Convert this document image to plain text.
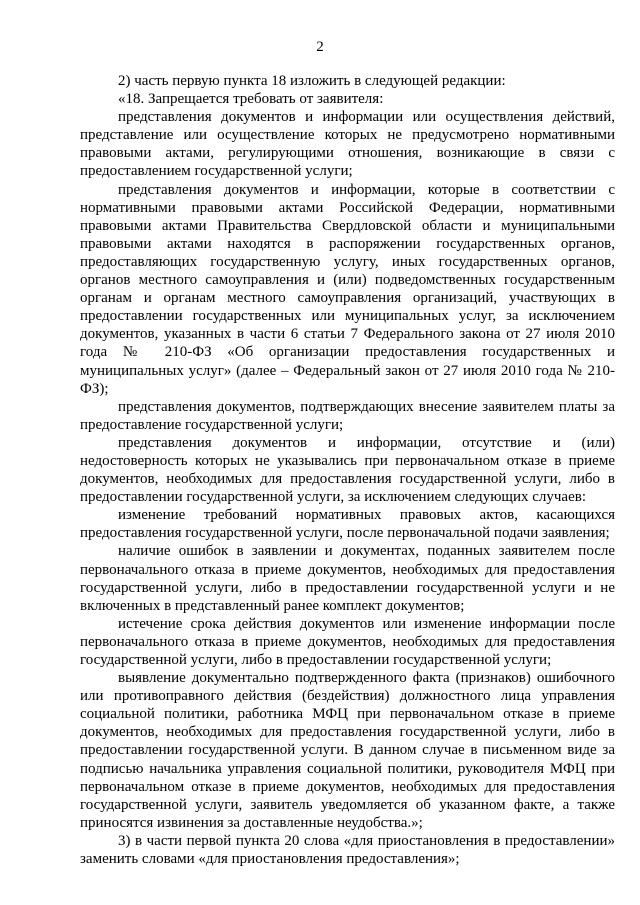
2

2) часть первую пункта 18 изложить в следующей редакции:

«18. Запрещается требовать от заявителя:

представления документов и информации или осуществления действий, представление или осуществление которых не предусмотрено нормативными правовыми актами, регулирующими отношения, возникающие в связи с предоставлением государственной услуги;

представления документов и информации, которые в соответствии с нормативными правовыми актами Российской Федерации, нормативными правовыми актами Правительства Свердловской области и муниципальными правовыми актами находятся в распоряжении государственных органов, предоставляющих государственную услугу, иных государственных органов, органов местного самоуправления и (или) подведомственных государственным органам и органам местного самоуправления организаций, участвующих в предоставлении государственных или муниципальных услуг, за исключением документов, указанных в части 6 статьи 7 Федерального закона от 27 июля 2010 года № 210-ФЗ «Об организации предоставления государственных и муниципальных услуг» (далее – Федеральный закон от 27 июля 2010 года № 210-ФЗ);

представления документов, подтверждающих внесение заявителем платы за предоставление государственной услуги;

представления документов и информации, отсутствие и (или) недостоверность которых не указывались при первоначальном отказе в приеме документов, необходимых для предоставления государственной услуги, либо в предоставлении государственной услуги, за исключением следующих случаев:

изменение требований нормативных правовых актов, касающихся предоставления государственной услуги, после первоначальной подачи заявления;

наличие ошибок в заявлении и документах, поданных заявителем после первоначального отказа в приеме документов, необходимых для предоставления государственной услуги, либо в предоставлении государственной услуги и не включенных в представленный ранее комплект документов;

истечение срока действия документов или изменение информации после первоначального отказа в приеме документов, необходимых для предоставления государственной услуги, либо в предоставлении государственной услуги;

выявление документально подтвержденного факта (признаков) ошибочного или противоправного действия (бездействия) должностного лица управления социальной политики, работника МФЦ при первоначальном отказе в приеме документов, необходимых для предоставления государственной услуги, либо в предоставлении государственной услуги. В данном случае в письменном виде за подписью начальника управления социальной политики, руководителя МФЦ при первоначальном отказе в приеме документов, необходимых для предоставления государственной услуги, заявитель уведомляется об указанном факте, а также приносятся извинения за доставленные неудобства.»;

3) в части первой пункта 20 слова «для приостановления в предоставлении» заменить словами «для приостановления предоставления»;
